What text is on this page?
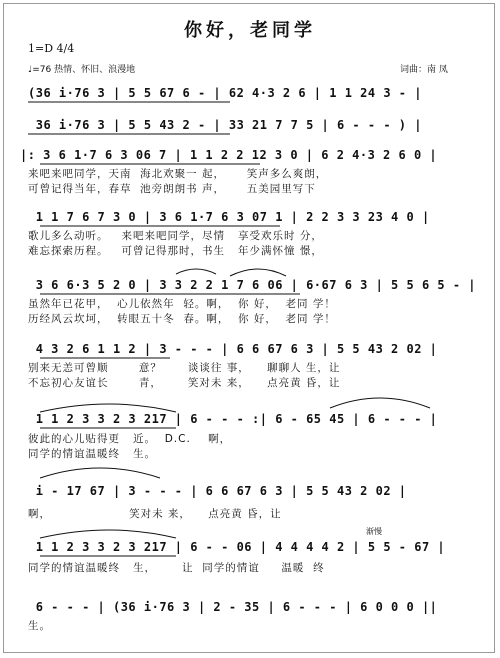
你好，老同学
1=D 4/4
♩=76 热情、怀旧、浪漫地	词曲：南 凤
(36 i·76 3 | 5 5 67 6 - | 62 4·3 2 6 | 1 1 24 3 - |
36 i·76 3 | 5 5 43 2 - | 33 21 7 7 5 | 6 - - - ) |
|: 3 6 1·7 6 3 06 7 | 1 1 2 2 12 3 0 | 6 2 4·3 2 6 0 |
来吧来吧同学，天南  海北欢聚一 起，     笑声多么爽朗，
可曾记得当年，春草  池旁朗朗书 声，     五美园里写下
1 1 7 6 7 3 0 | 3 6 1·7 6 3 07 1 | 2 2 3 3 23 4 0 |
歌儿多么动听。   来吧来吧同学，尽情   享受欢乐时 分，
难忘探索历程。   可曾记得那时，书生   年少满怀憧 憬，
3 6 6·3 5 2 0 | 3 3 2 2 1 7 6 06 | 6·67 6 3 | 5 5 6 5 - |
虽然年已花甲，  心儿依然年  轻。啊，  你 好，  老同 学！
历经风云坎坷，  转眼五十冬  春。啊，  你 好，  老同 学！
4 3 2 6 1 1 2 | 3 - - - | 6 6 67 6 3 | 5 5 43 2 02 |
别来无恙可曾顺       意？      谈谈往 事，    聊聊人 生，让
不忘初心友谊长       青，      笑对未 来，    点亮黄 昏，让
1 1 2 3 3 2 3 217 | 6 - - - :| 6 - 65 45 | 6 - - - |
彼此的心儿贴得更   近。  D.C.    啊，
同学的情谊温暖终   生。
i - 17 67 | 3 - - - | 6 6 67 6 3 | 5 5 43 2 02 |
啊，                  笑对未 来，    点亮黄 昏，让
渐慢
1 1 2 3 3 2 3 217 | 6 - - 06 | 4 4 4 4 2 | 5 5 - 67 |
同学的情谊温暖终   生，      让  同学的情谊     温暖  终
6 - - - | (36 i·76 3 | 2 - 35 | 6 - - - | 6 0 0 0 ||
生。
